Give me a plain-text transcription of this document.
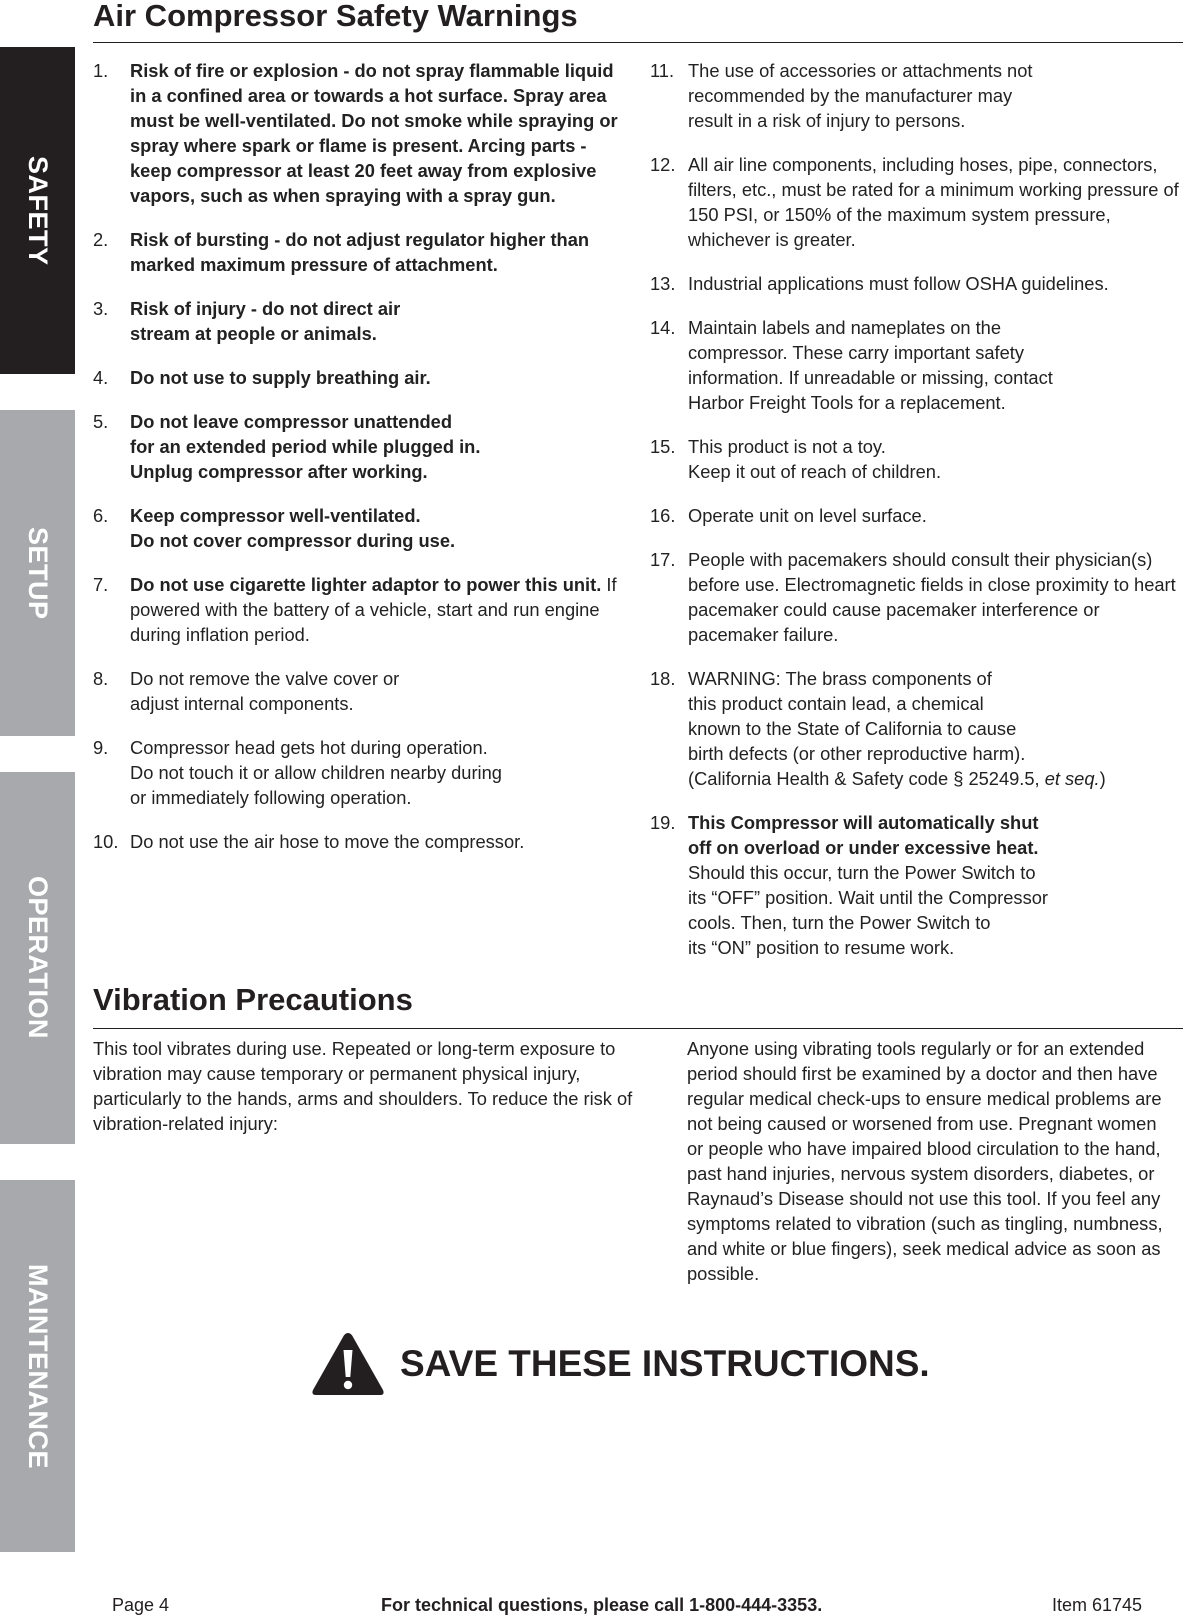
SAFETY
SETUP
OPERATION
MAINTENANCE
Air Compressor Safety Warnings
1. Risk of fire or explosion - do not spray flammable liquid in a confined area or towards a hot surface. Spray area must be well-ventilated. Do not smoke while spraying or spray where spark or flame is present. Arcing parts - keep compressor at least 20 feet away from explosive vapors, such as when spraying with a spray gun.
2. Risk of bursting - do not adjust regulator higher than marked maximum pressure of attachment.
3. Risk of injury - do not direct air
stream at people or animals.
4. Do not use to supply breathing air.
5. Do not leave compressor unattended
for an extended period while plugged in.
Unplug compressor after working.
6. Keep compressor well-ventilated.
Do not cover compressor during use.
7. Do not use cigarette lighter adaptor to power this unit. If powered with the battery of a vehicle, start and run engine during inflation period.
8. Do not remove the valve cover or
adjust internal components.
9. Compressor head gets hot during operation.
Do not touch it or allow children nearby during
or immediately following operation.
10. Do not use the air hose to move the compressor.
11. The use of accessories or attachments not
recommended by the manufacturer may
result in a risk of injury to persons.
12. All air line components, including hoses, pipe, connectors, filters, etc., must be rated for a minimum working pressure of 150 PSI, or 150% of the maximum system pressure, whichever is greater.
13. Industrial applications must follow OSHA guidelines.
14. Maintain labels and nameplates on the
compressor. These carry important safety
information. If unreadable or missing, contact
Harbor Freight Tools for a replacement.
15. This product is not a toy.
Keep it out of reach of children.
16. Operate unit on level surface.
17. People with pacemakers should consult their physician(s) before use. Electromagnetic fields in close proximity to heart pacemaker could cause pacemaker interference or pacemaker failure.
18. WARNING: The brass components of
this product contain lead, a chemical
known to the State of California to cause
birth defects (or other reproductive harm).
(California Health & Safety code § 25249.5, et seq.)
19. This Compressor will automatically shut
off on overload or under excessive heat.
Should this occur, turn the Power Switch to
its “OFF” position. Wait until the Compressor
cools. Then, turn the Power Switch to
its “ON” position to resume work.
Vibration Precautions

This tool vibrates during use. Repeated or long-term exposure to vibration may cause temporary or permanent physical injury, particularly to the hands, arms and shoulders. To reduce the risk of vibration-related injury:

Anyone using vibrating tools regularly or for an extended period should first be examined by a doctor and then have regular medical check-ups to ensure medical problems are not being caused or worsened from use. Pregnant women or people who have impaired blood circulation to the hand, past hand injuries, nervous system disorders, diabetes, or Raynaud’s Disease should not use this tool. If you feel any symptoms related to vibration (such as tingling, numbness, and white or blue fingers), seek medical advice as soon as possible.

SAVE THESE INSTRUCTIONS.
Page 4	For technical questions, please call 1-800-444-3353.	Item 61745
